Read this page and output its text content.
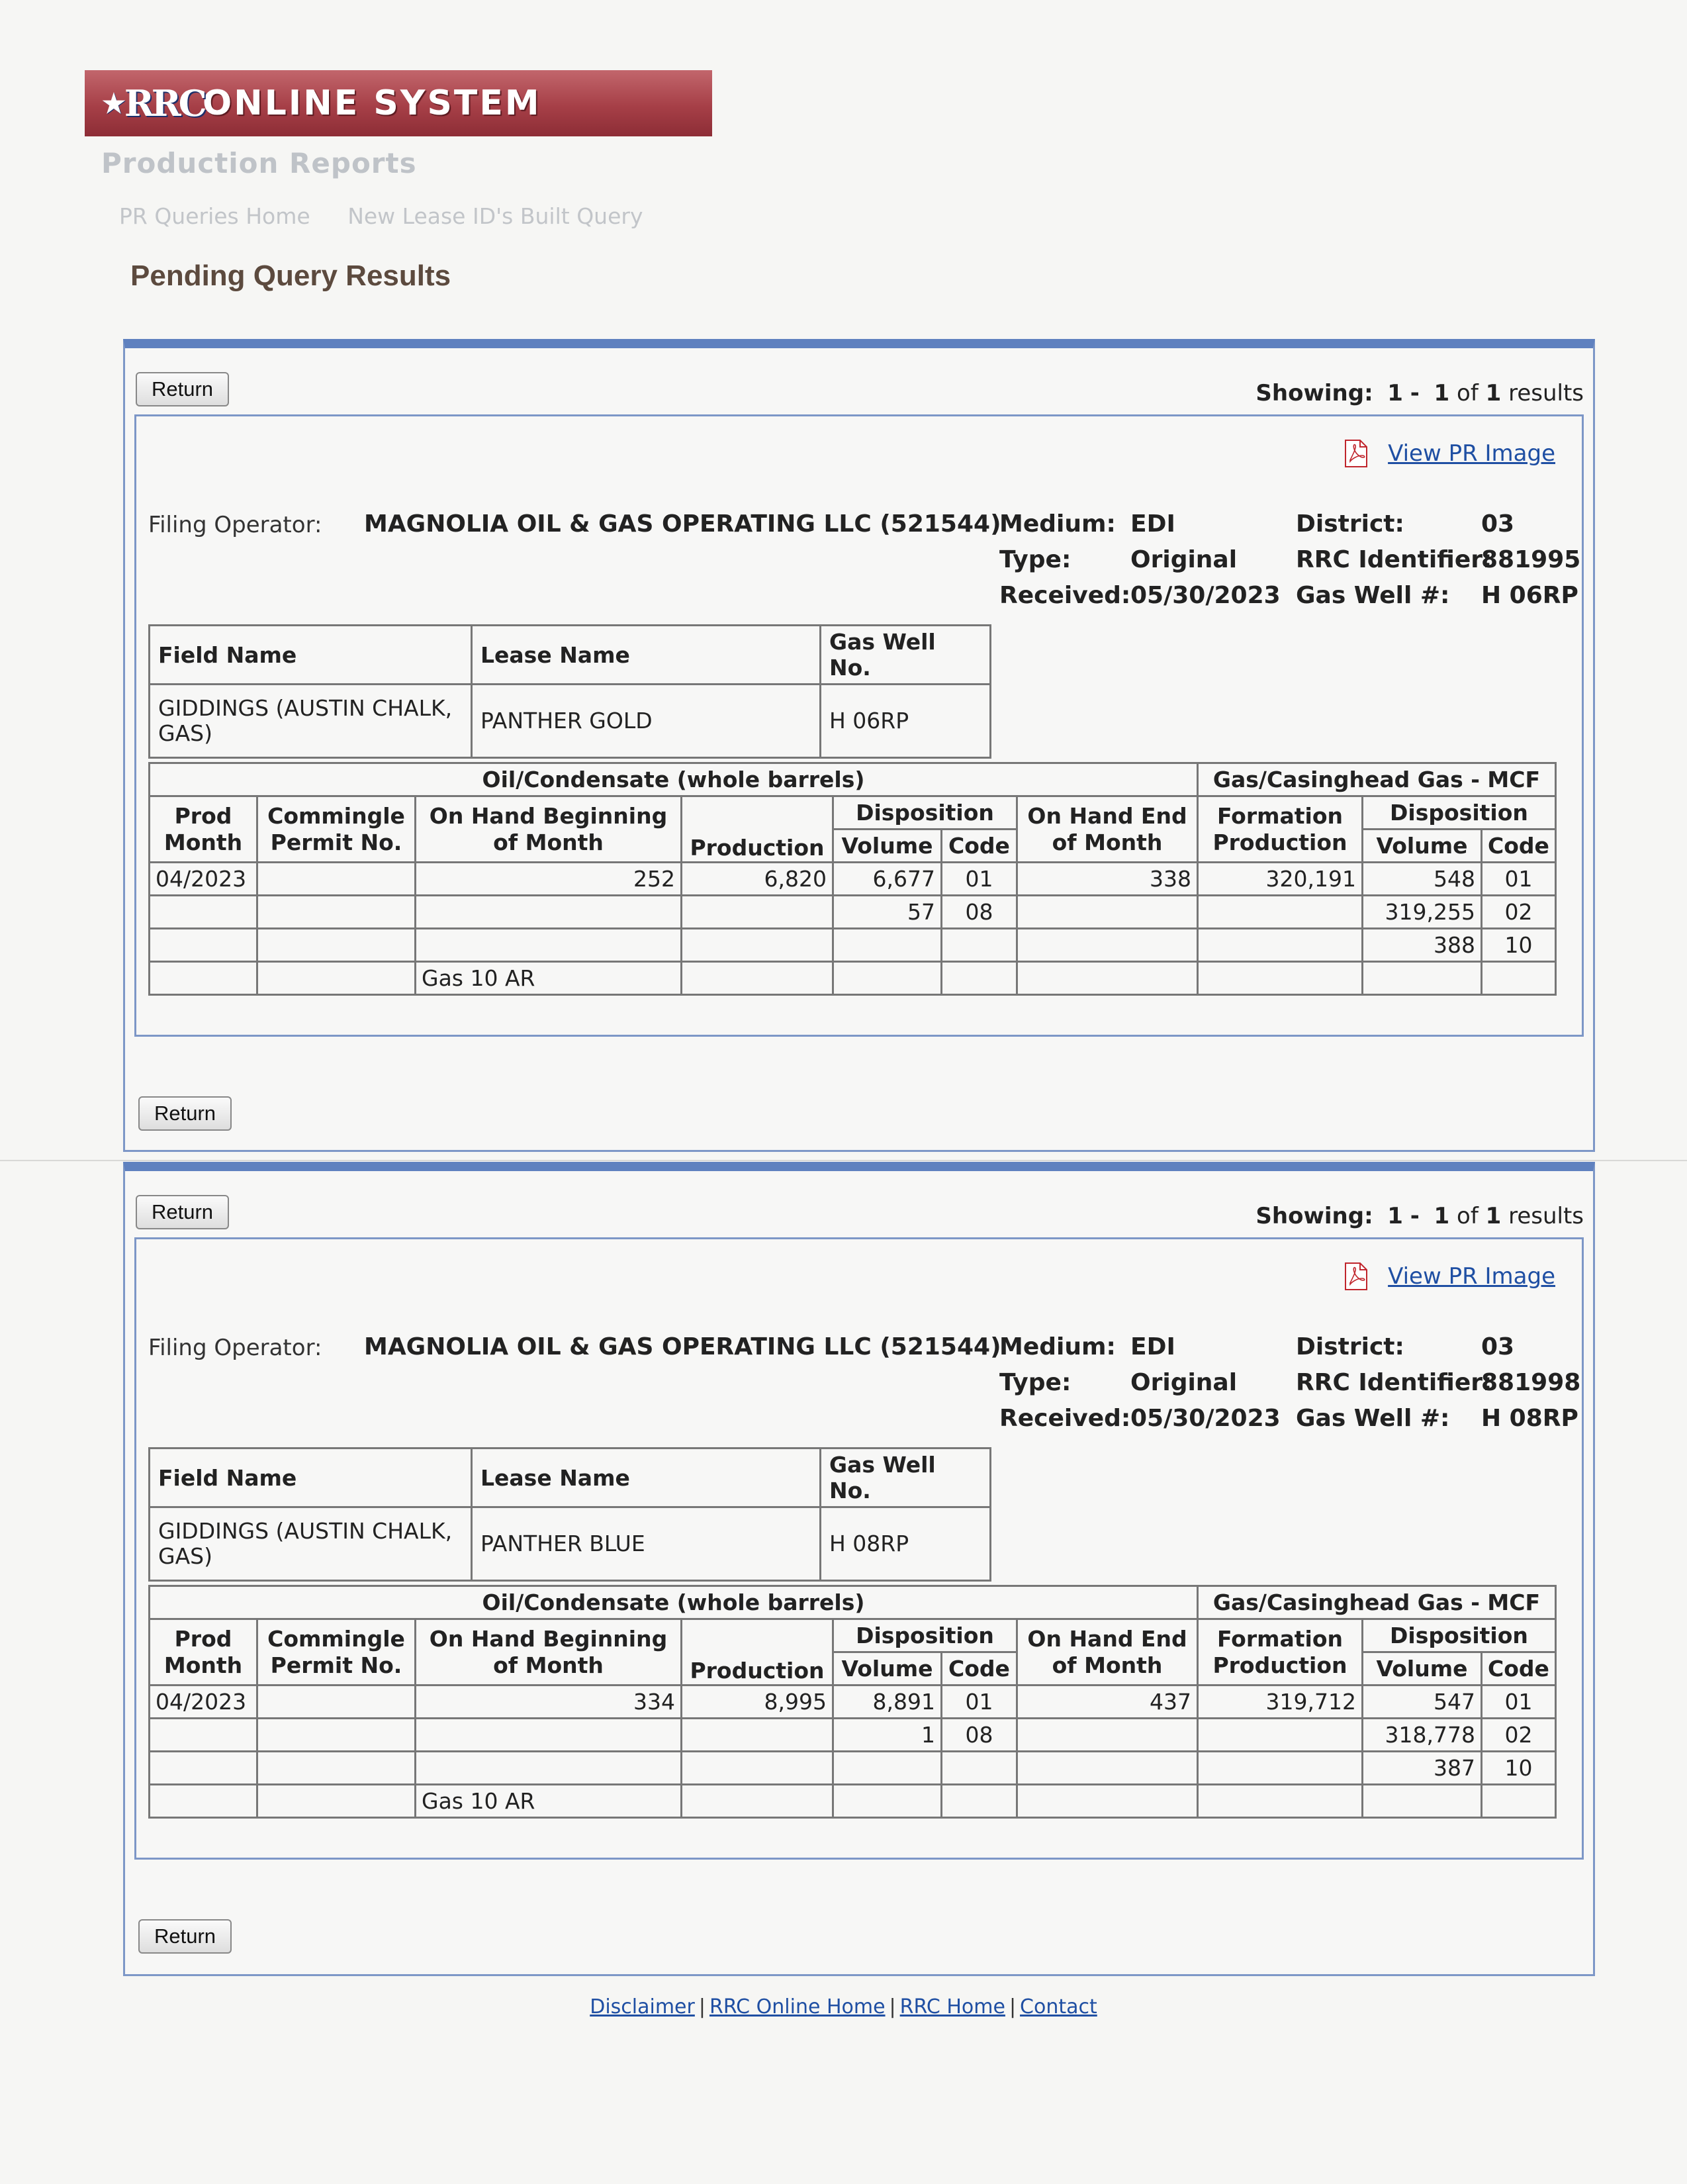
★ RRC
ONLINE SYSTEM
Production Reports
PR Queries Home New Lease ID's Built Query
Pending Query Results
Return	Showing: 1 - 1 of 1 results
View PR Image
Filing Operator: MAGNOLIA OIL & GAS OPERATING LLC (521544)
Medium: EDI
Type: Original
Received: 05/30/2023
District:	03
RRC Identifier:
881995
Gas Well #: H 06RP
Field Name	Lease Name	Gas Well No.
GIDDINGS (AUSTIN CHALK, GAS)	PANTHER GOLD	H 06RP
Oil/Condensate (whole barrels)							Gas/Casinghead Gas - MCF		
Prod Month	Commingle Permit No.	On Hand Beginning of Month	Production	Disposition		On Hand End of Month	Formation Production	Disposition	
				Volume	Code			Volume	Code
04/2023		252	6,820	6,677	01	338	320,191	548	01
				57	08			319,255	02
								388	10
		Gas 10 AR							
Return
Return	Showing: 1 - 1 of 1 results
View PR Image
Filing Operator: MAGNOLIA OIL & GAS OPERATING LLC (521544)
Medium: EDI
Type: Original
Received: 05/30/2023
District:	03
RRC Identifier:
881998
Gas Well #: H 08RP
Field Name	Lease Name	Gas Well No.
GIDDINGS (AUSTIN CHALK, GAS)	PANTHER BLUE	H 08RP
Oil/Condensate (whole barrels)							Gas/Casinghead Gas - MCF		
Prod Month	Commingle Permit No.	On Hand Beginning of Month	Production	Disposition		On Hand End of Month	Formation Production	Disposition	
				Volume	Code			Volume	Code
04/2023		334	8,995	8,891	01	437	319,712	547	01
				1	08			318,778	02
								387	10
		Gas 10 AR							
Return
Disclaimer | RRC Online Home | RRC Home | Contact
